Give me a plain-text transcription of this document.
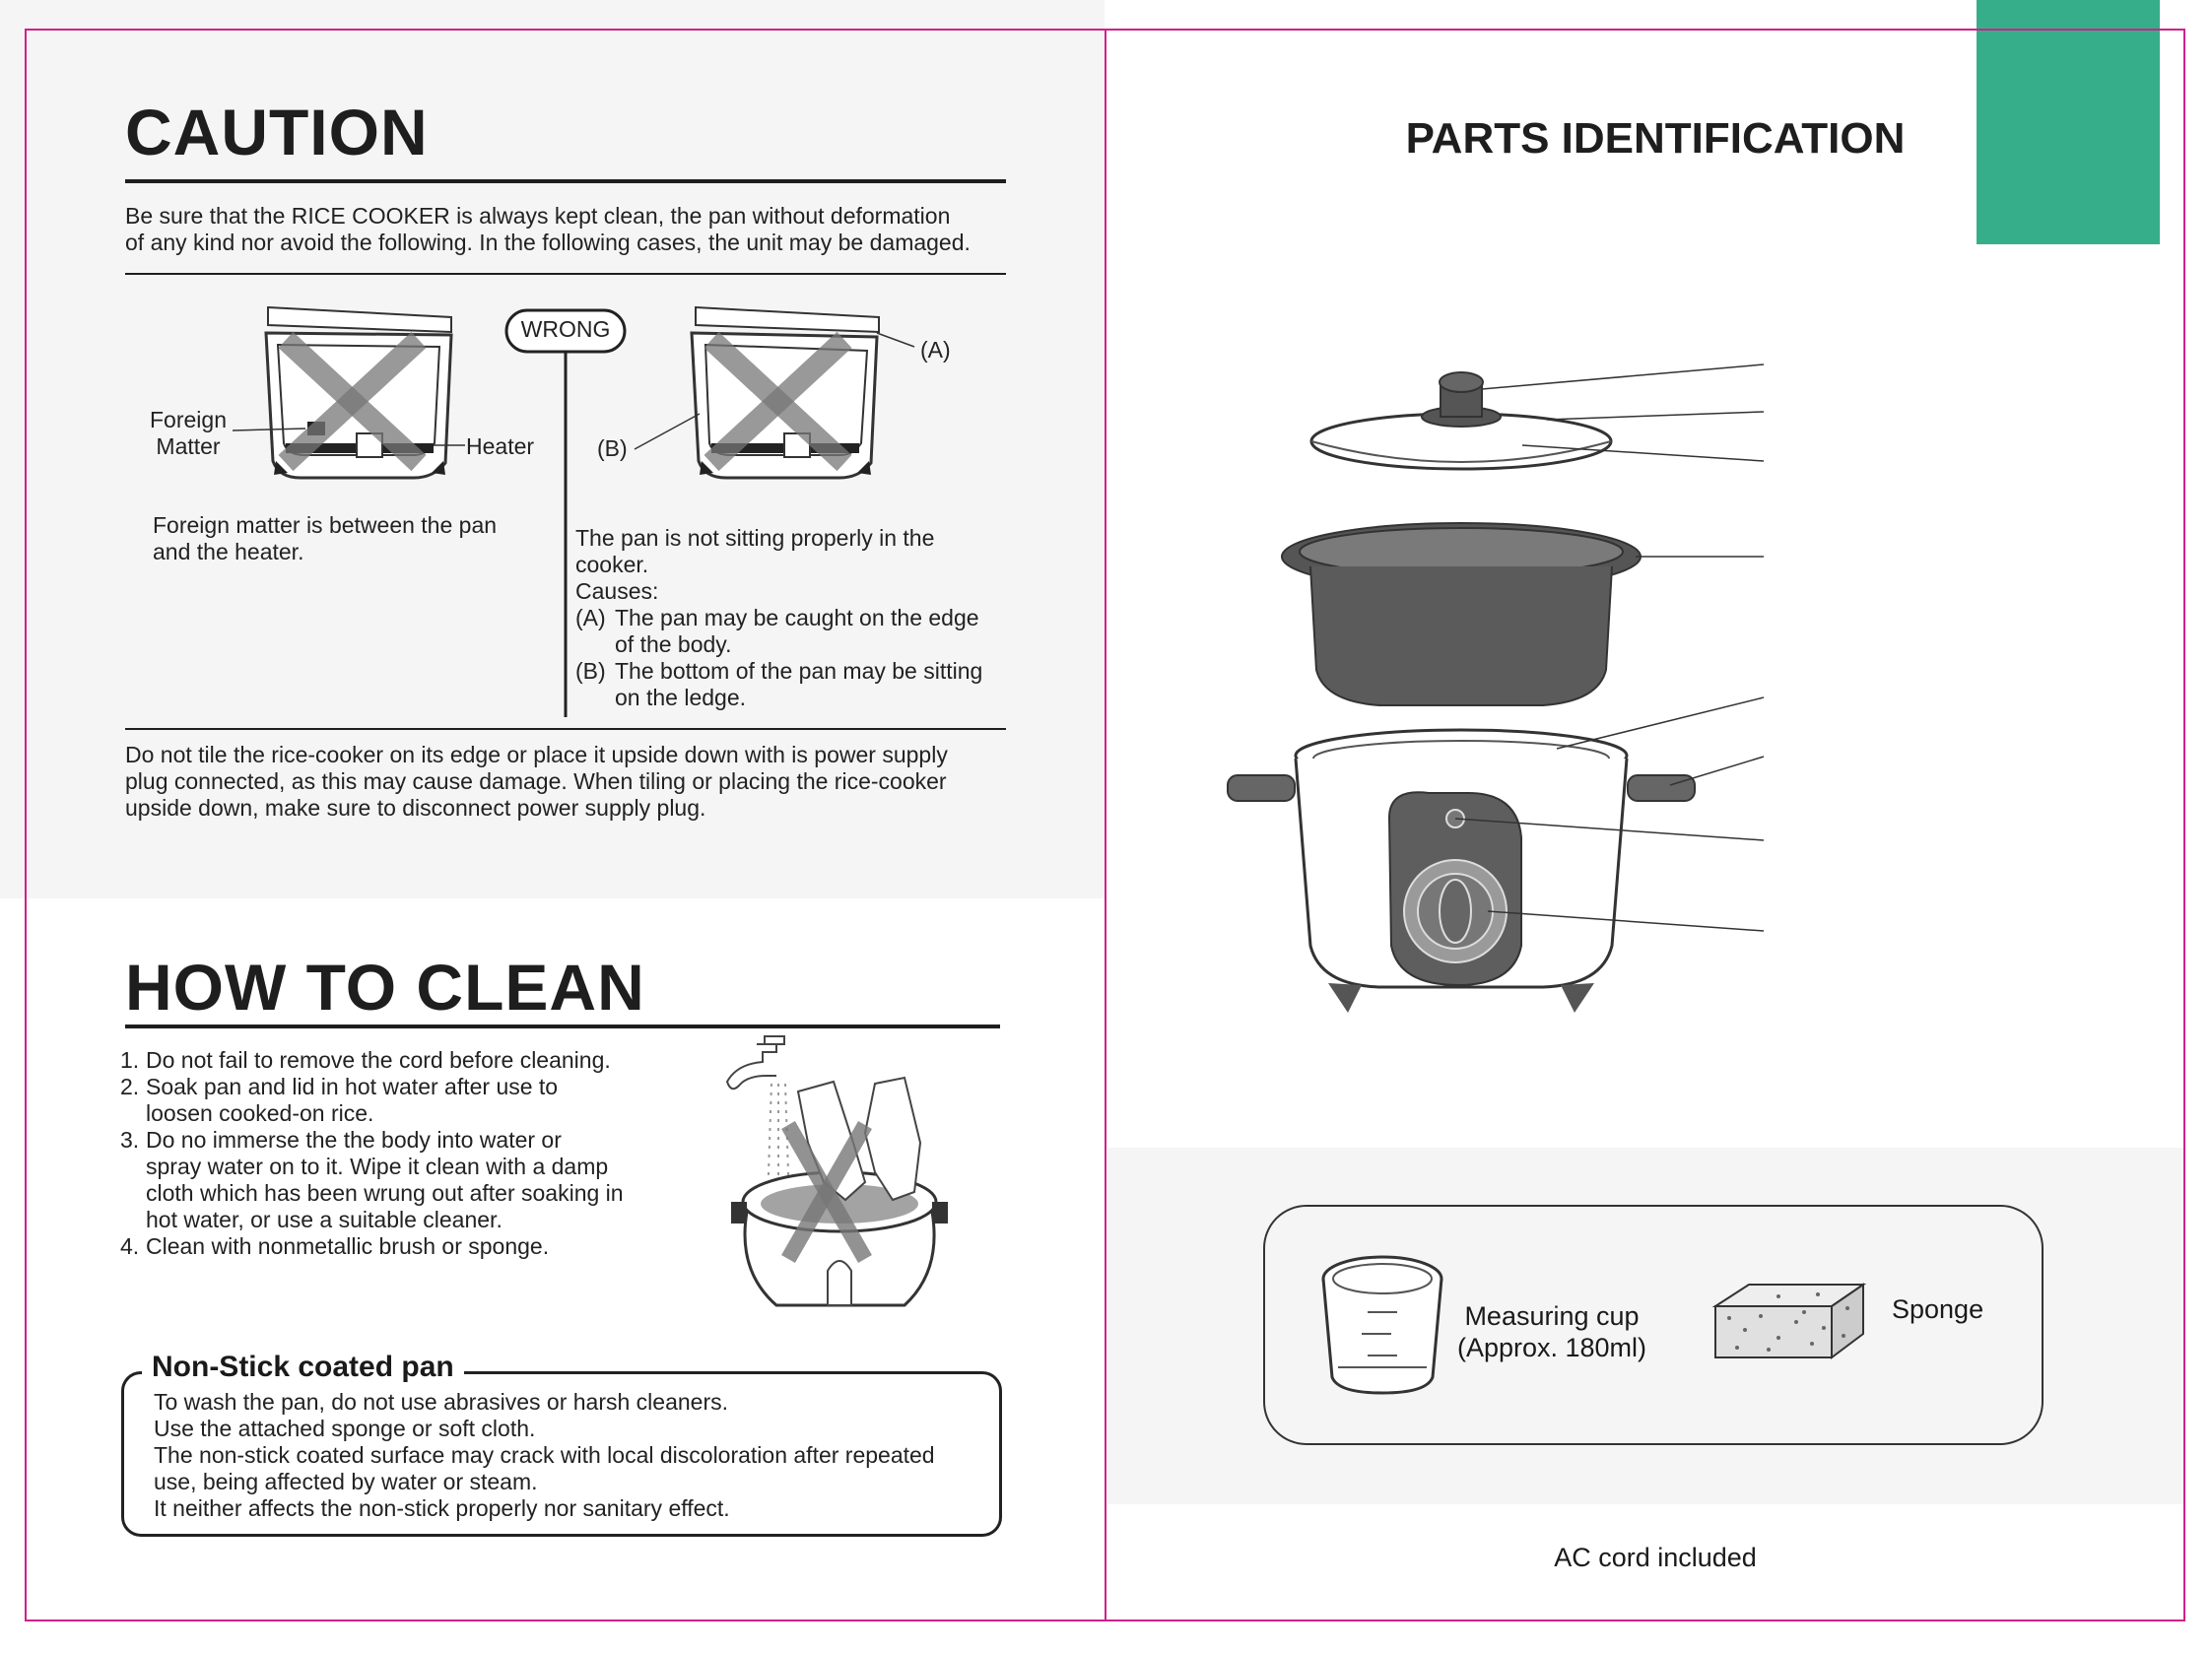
CAUTION
Be sure that the RICE COOKER is always kept clean, the pan without deformation
of any kind nor avoid the following. In the following cases, the unit may be damaged.
WRONG
Foreign
Matter	Heater
(A)
(B)
Foreign matter is between the pan
and the heater.
The pan is not sitting properly in the
cooker.
Causes:
(A) The pan may be caught on the edge
of the body.
(B) The bottom of the pan may be sitting
on the ledge.
Do not tile the rice-cooker on its edge or place it upside down with is power supply
plug connected, as this may cause damage. When tiling or placing the rice-cooker
upside down, make sure to disconnect power supply plug.
HOW TO CLEAN
1. Do not fail to remove the cord before cleaning.
2. Soak pan and lid in hot water after use to
loosen cooked-on rice.
3. Do no immerse the the body into water or
spray water on to it. Wipe it clean with a damp
cloth which has been wrung out after soaking in
hot water, or use a suitable cleaner.
4. Clean with nonmetallic brush or sponge.
Non-Stick coated pan
To wash the pan, do not use abrasives or harsh cleaners.
Use the attached sponge or soft cloth.
The non-stick coated surface may crack with local discoloration after repeated
use, being affected by water or steam.
It neither affects the non-stick properly nor sanitary effect.
PARTS IDENTIFICATION
Measuring cup
(Approx. 180ml)
Sponge
AC cord included
